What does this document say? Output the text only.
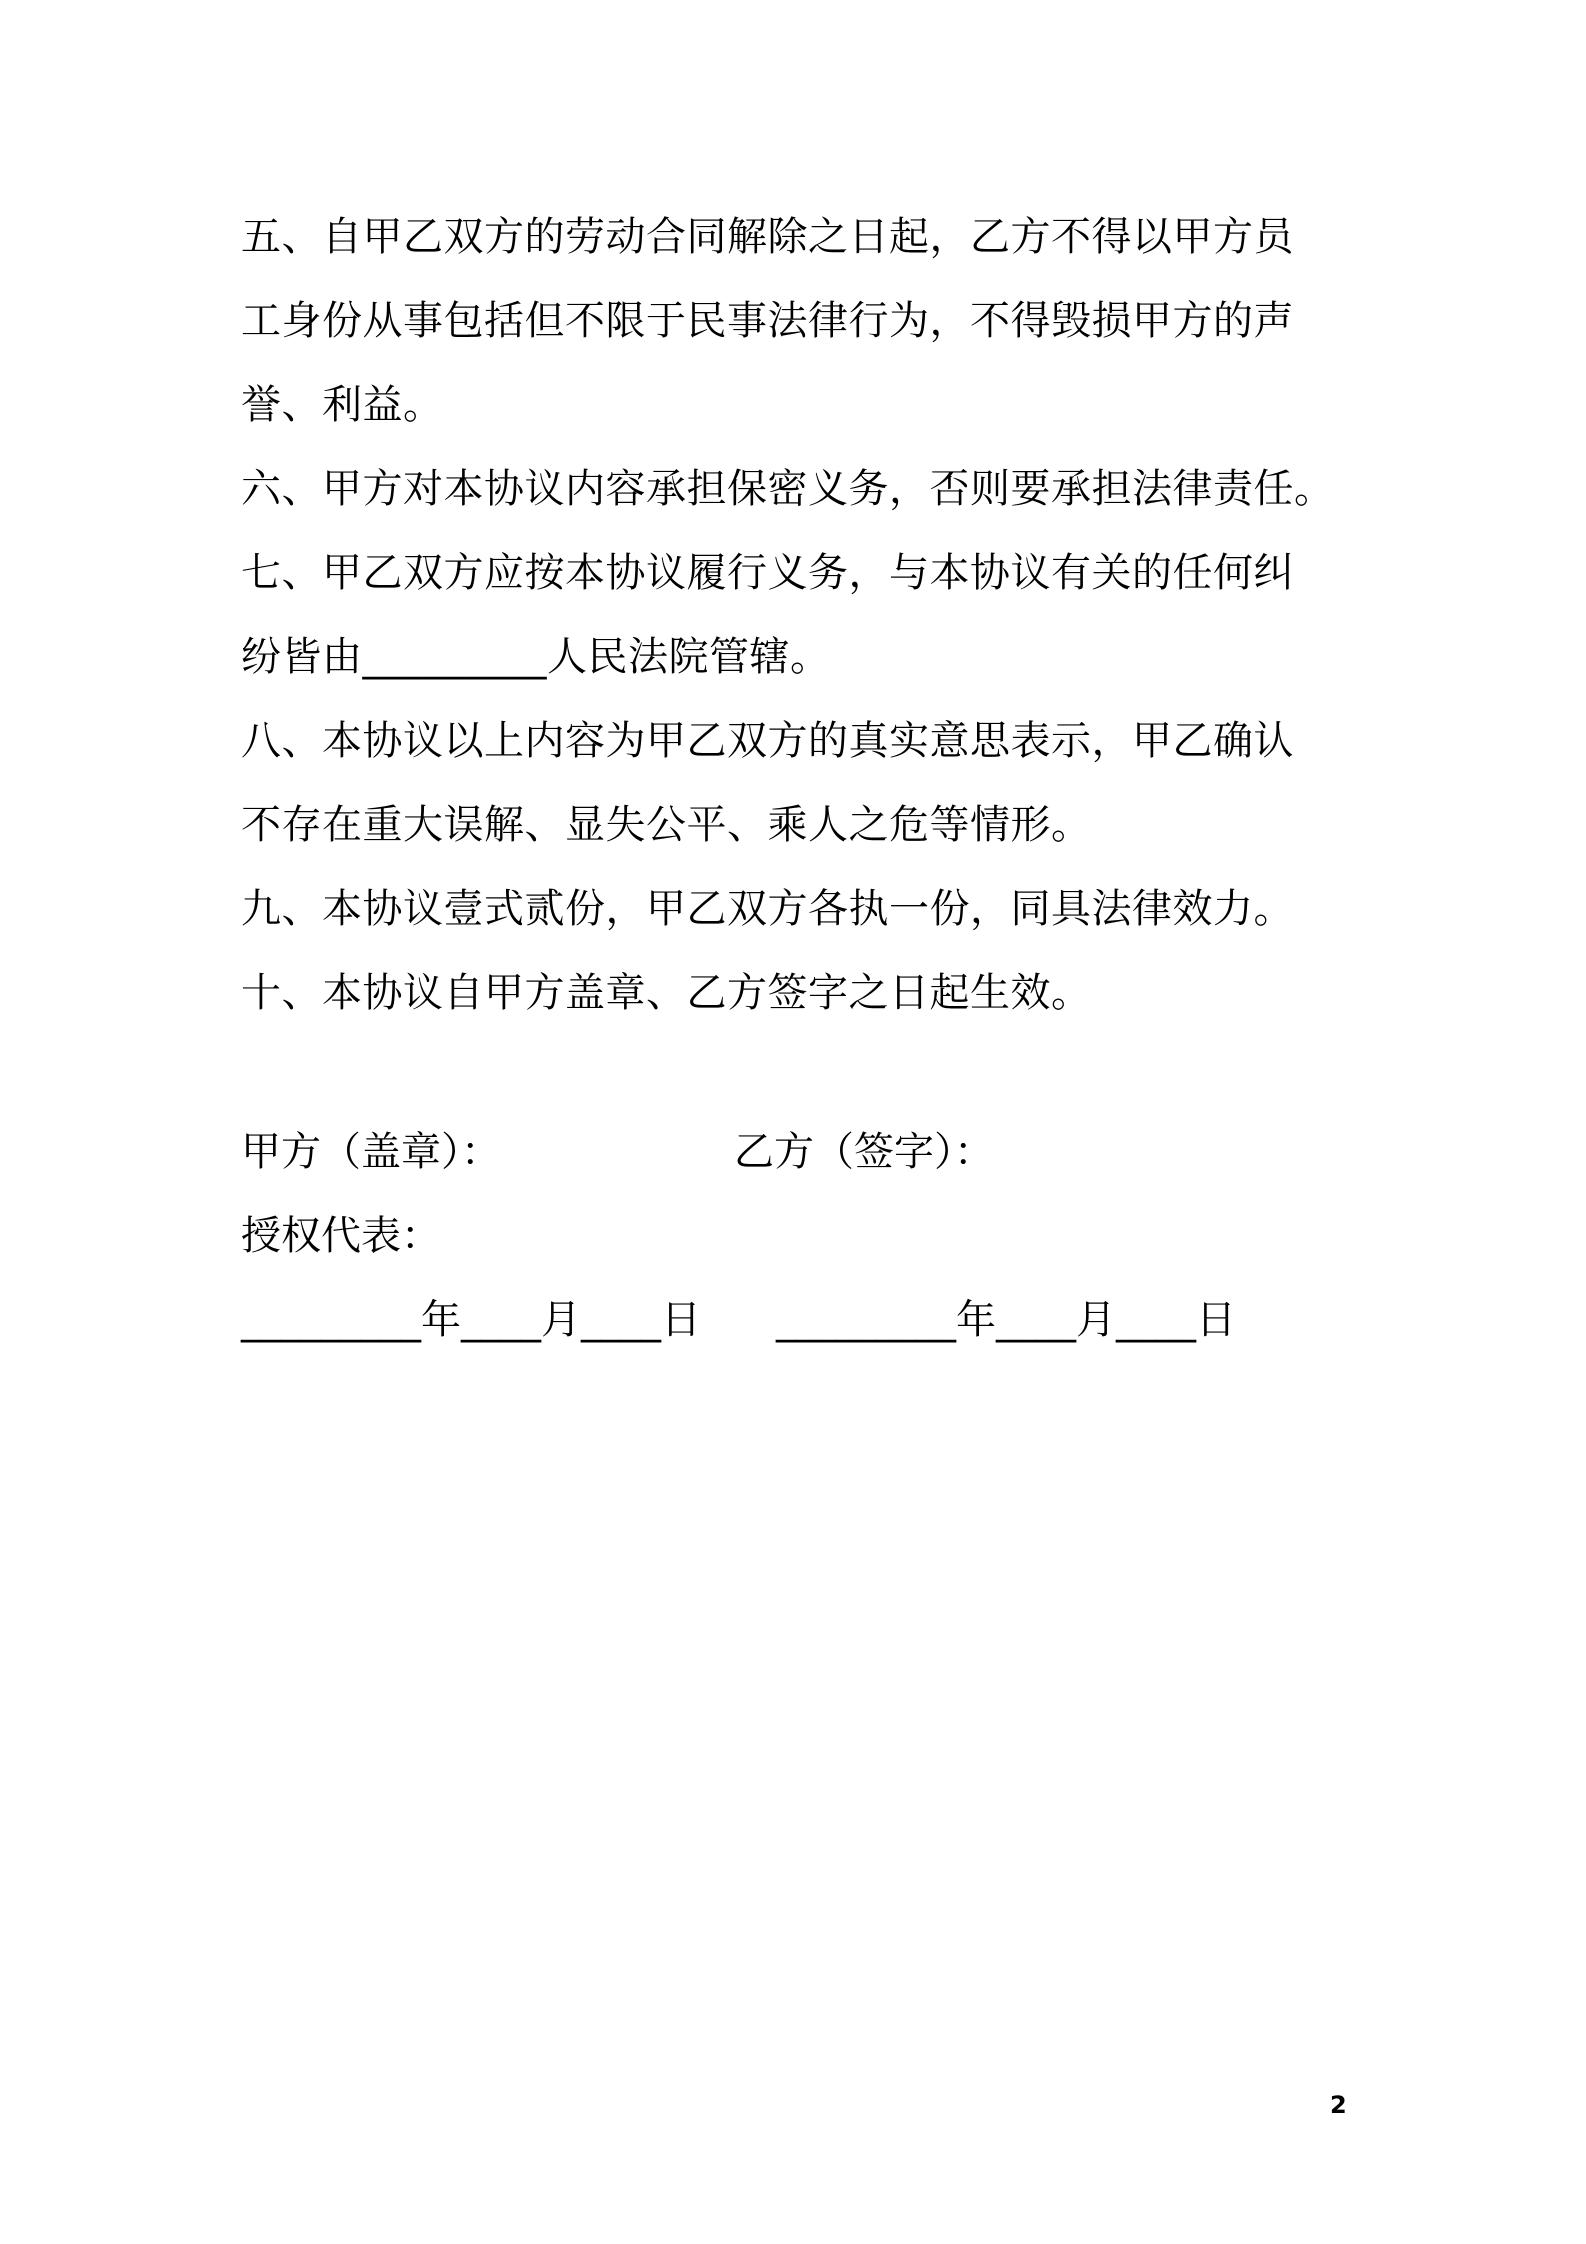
五、自甲乙双方的劳动合同解除之日起，乙方不得以甲方员
工身份从事包括但不限于民事法律行为，不得毁损甲方的声
誉、利益。
六、甲方对本协议内容承担保密义务，否则要承担法律责任。
七、甲乙双方应按本协议履行义务，与本协议有关的任何纠
纷皆由_________人民法院管辖。
八、本协议以上内容为甲乙双方的真实意思表示，甲乙确认
不存在重大误解、显失公平、乘人之危等情形。
九、本协议壹式贰份，甲乙双方各执一份，同具法律效力。
十、本协议自甲方盖章、乙方签字之日起生效。
甲方（盖章）：	乙方（签字）：
授权代表：
_________年____月____日 _________年____月____日
2
